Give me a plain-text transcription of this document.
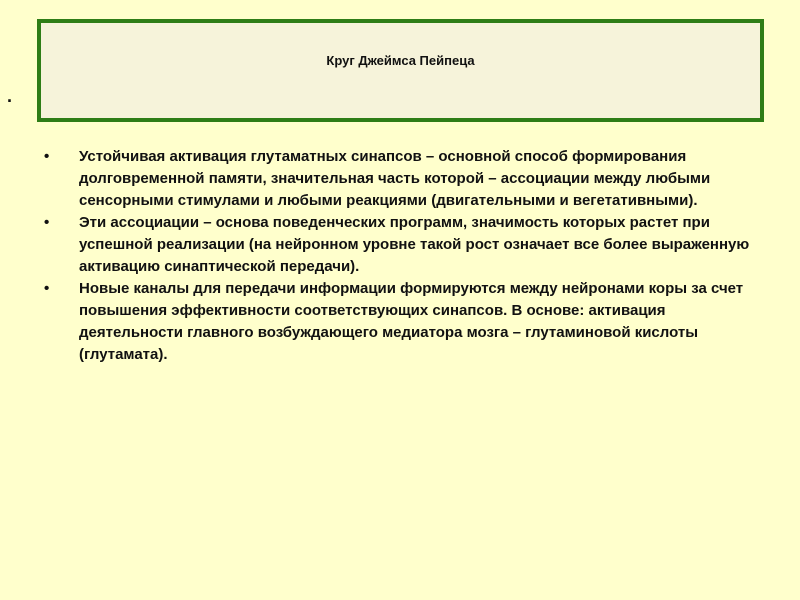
Круг Джеймса Пейпеца
.
• Устойчивая активация глутаматных синапсов – основной способ формирования долговременной памяти, значительная часть которой – ассоциации между любыми сенсорными стимулами и любыми реакциями (двигательными и вегетативными).
• Эти ассоциации – основа поведенческих программ, значимость которых растет при успешной реализации (на нейронном уровне такой рост означает все более выраженную активацию синаптической передачи).
• Новые каналы для передачи информации формируются между нейронами коры за счет повышения эффективности соответствующих синапсов. В основе: активация деятельности главного возбуждающего медиатора мозга – глутаминовой кислоты (глутамата).
